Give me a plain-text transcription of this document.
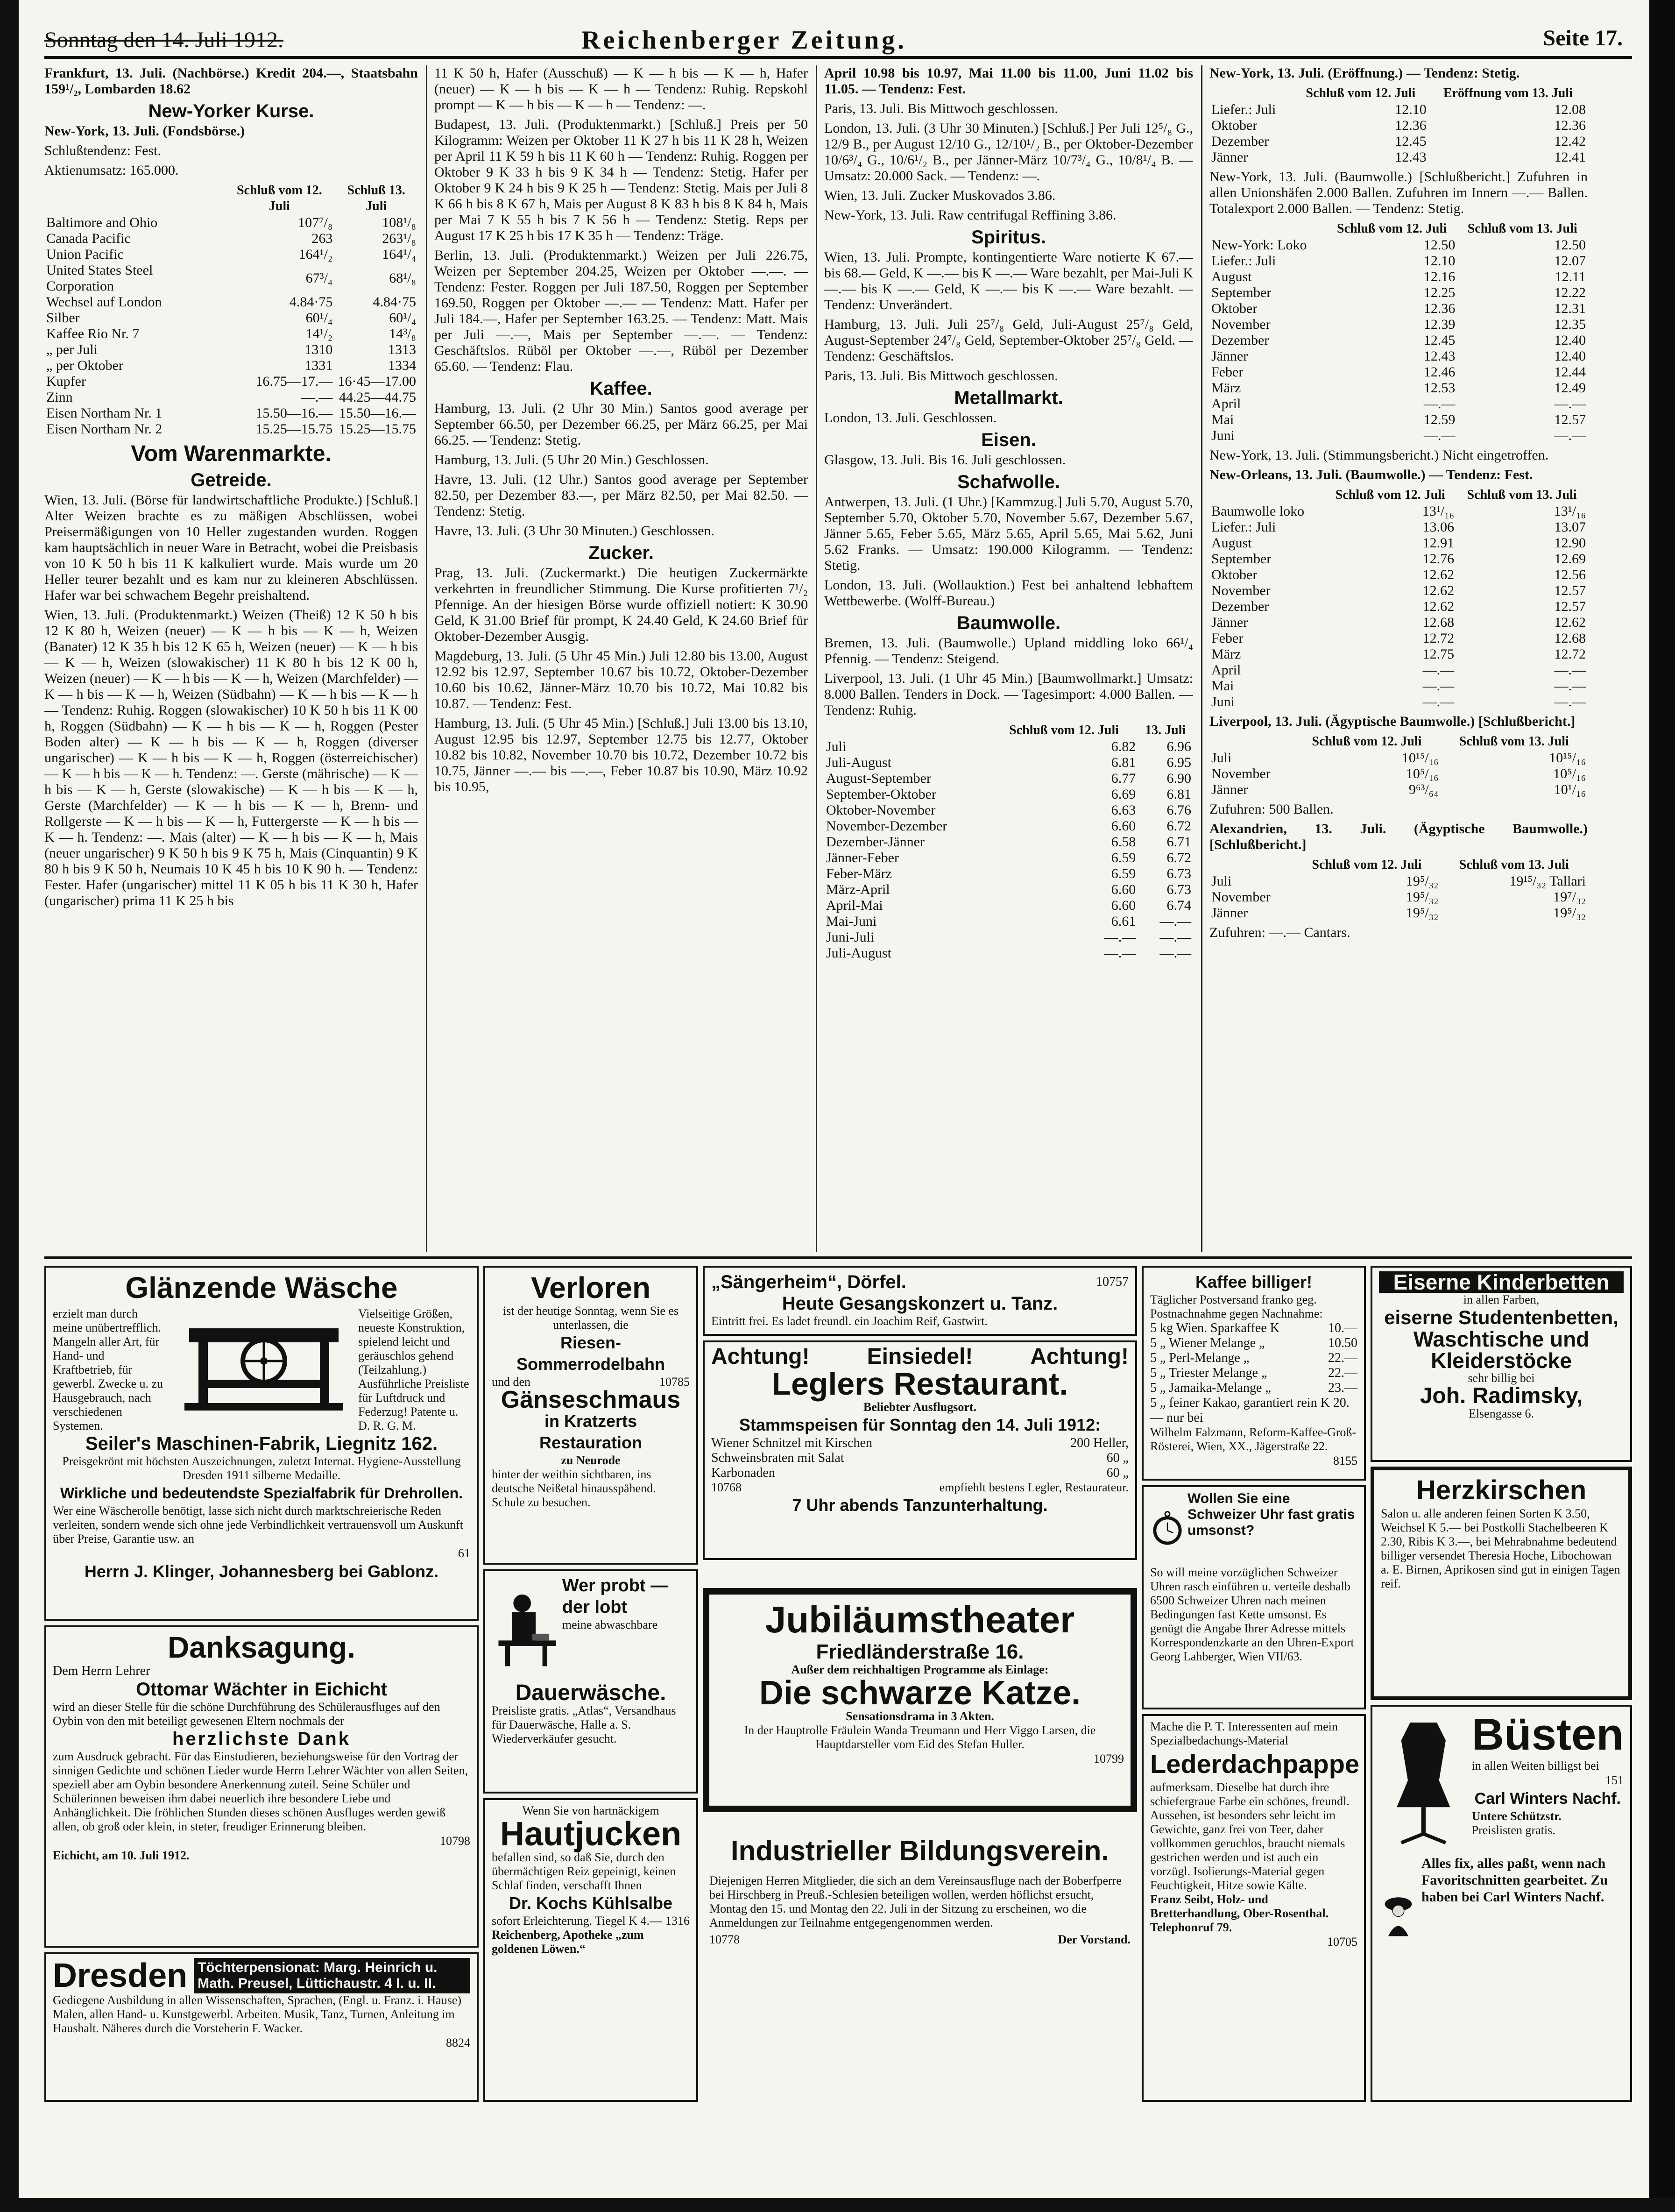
Sonntag den 14. Juli 1912.	Reichenberger Zeitung.	Seite 17.

Frankfurt, 13. Juli. (Nachbörse.) Kredit 204.—, Staatsbahn 159¹/₂, Lombarden 18.62

New-Yorker Kurse.

New-York, 13. Juli. (Fondsbörse.)

Schlußtendenz: Fest.

Aktienumsatz: 165.000.

	Schluß vom 12. Juli	Schluß 13. Juli
Baltimore and Ohio	107⁷/₈	108¹/₈
Canada Pacific	263	263¹/₈
Union Pacific	164¹/₂	164¹/₄
United States Steel Corporation	67³/₄	68¹/₈
Wechsel auf London	4.84·75	4.84·75
Silber	60¹/₄	60¹/₄
Kaffee Rio Nr. 7	14¹/₂	14³/₈
„ per Juli	1310	1313
„ per Oktober	1331	1334
Kupfer	16.75—17.—	16·45—17.00
Zinn	—.—	44.25—44.75
Eisen Northam Nr. 1	15.50—16.—	15.50—16.—
Eisen Northam Nr. 2	15.25—15.75	15.25—15.75
Vom Warenmarkte.
Getreide.

Wien, 13. Juli. (Börse für landwirtschaftliche Produkte.) [Schluß.] Alter Weizen brachte es zu mäßigen Abschlüssen, wobei Preisermäßigungen von 10 Heller zugestanden wurden. Roggen kam hauptsächlich in neuer Ware in Betracht, wobei die Preisbasis von 10 K 50 h bis 11 K kalkuliert wurde. Mais wurde um 20 Heller teurer bezahlt und es kam nur zu kleineren Abschlüssen. Hafer war bei schwachem Begehr preishaltend.

Wien, 13. Juli. (Produktenmarkt.) Weizen (Theiß) 12 K 50 h bis 12 K 80 h, Weizen (neuer) — K — h bis — K — h, Weizen (Banater) 12 K 35 h bis 12 K 65 h, Weizen (neuer) — K — h bis — K — h, Weizen (slowakischer) 11 K 80 h bis 12 K 00 h, Weizen (neuer) — K — h bis — K — h, Weizen (Marchfelder) — K — h bis — K — h, Weizen (Südbahn) — K — h bis — K — h — Tendenz: Ruhig. Roggen (slowakischer) 10 K 50 h bis 11 K 00 h, Roggen (Südbahn) — K — h bis — K — h, Roggen (Pester Boden alter) — K — h bis — K — h, Roggen (diverser ungarischer) — K — h bis — K — h, Roggen (österreichischer) — K — h bis — K — h. Tendenz: —. Gerste (mährische) — K — h bis — K — h, Gerste (slowakische) — K — h bis — K — h, Gerste (Marchfelder) — K — h bis — K — h, Brenn- und Rollgerste — K — h bis — K — h, Futtergerste — K — h bis — K — h. Tendenz: —. Mais (alter) — K — h bis — K — h, Mais (neuer ungarischer) 9 K 50 h bis 9 K 75 h, Mais (Cinquantin) 9 K 80 h bis 9 K 50 h, Neumais 10 K 45 h bis 10 K 90 h. — Tendenz: Fester. Hafer (ungarischer) mittel 11 K 05 h bis 11 K 30 h, Hafer (ungarischer) prima 11 K 25 h bis

11 K 50 h, Hafer (Ausschuß) — K — h bis — K — h, Hafer (neuer) — K — h bis — K — h — Tendenz: Ruhig. Repskohl prompt — K — h bis — K — h — Tendenz: —.

Budapest, 13. Juli. (Produktenmarkt.) [Schluß.] Preis per 50 Kilogramm: Weizen per Oktober 11 K 27 h bis 11 K 28 h, Weizen per April 11 K 59 h bis 11 K 60 h — Tendenz: Ruhig. Roggen per Oktober 9 K 33 h bis 9 K 34 h — Tendenz: Stetig. Hafer per Oktober 9 K 24 h bis 9 K 25 h — Tendenz: Stetig. Mais per Juli 8 K 66 h bis 8 K 67 h, Mais per August 8 K 83 h bis 8 K 84 h, Mais per Mai 7 K 55 h bis 7 K 56 h — Tendenz: Stetig. Reps per August 17 K 25 h bis 17 K 35 h — Tendenz: Träge.

Berlin, 13. Juli. (Produktenmarkt.) Weizen per Juli 226.75, Weizen per September 204.25, Weizen per Oktober —.—. — Tendenz: Fester. Roggen per Juli 187.50, Roggen per September 169.50, Roggen per Oktober —.— — Tendenz: Matt. Hafer per Juli 184.—, Hafer per September 163.25. — Tendenz: Matt. Mais per Juli —.—, Mais per September —.—. — Tendenz: Geschäftslos. Rüböl per Oktober —.—, Rüböl per Dezember 65.60. — Tendenz: Flau.

Kaffee.

Hamburg, 13. Juli. (2 Uhr 30 Min.) Santos good average per September 66.50, per Dezember 66.25, per März 66.25, per Mai 66.25. — Tendenz: Stetig.

Hamburg, 13. Juli. (5 Uhr 20 Min.) Geschlossen.

Havre, 13. Juli. (12 Uhr.) Santos good average per September 82.50, per Dezember 83.—, per März 82.50, per Mai 82.50. — Tendenz: Stetig.

Havre, 13. Juli. (3 Uhr 30 Minuten.) Geschlossen.

Zucker.

Prag, 13. Juli. (Zuckermarkt.) Die heutigen Zuckermärkte verkehrten in freundlicher Stimmung. Die Kurse profitierten 7¹/₂ Pfennige. An der hiesigen Börse wurde offiziell notiert: K 30.90 Geld, K 31.00 Brief für prompt, K 24.40 Geld, K 24.60 Brief für Oktober-Dezember Ausgig.

Magdeburg, 13. Juli. (5 Uhr 45 Min.) Juli 12.80 bis 13.00, August 12.92 bis 12.97, September 10.67 bis 10.72, Oktober-Dezember 10.60 bis 10.62, Jänner-März 10.70 bis 10.72, Mai 10.82 bis 10.87. — Tendenz: Fest.

Hamburg, 13. Juli. (5 Uhr 45 Min.) [Schluß.] Juli 13.00 bis 13.10, August 12.95 bis 12.97, September 12.75 bis 12.77, Oktober 10.82 bis 10.82, November 10.70 bis 10.72, Dezember 10.72 bis 10.75, Jänner —.— bis —.—, Feber 10.87 bis 10.90, März 10.92 bis 10.95,

April 10.98 bis 10.97, Mai 11.00 bis 11.00, Juni 11.02 bis 11.05. — Tendenz: Fest.

Paris, 13. Juli. Bis Mittwoch geschlossen.

London, 13. Juli. (3 Uhr 30 Minuten.) [Schluß.] Per Juli 12⁵/₈ G., 12/9 B., per August 12/10 G., 12/10¹/₂ B., per Oktober-Dezember 10/6³/₄ G., 10/6¹/₂ B., per Jänner-März 10/7³/₄ G., 10/8¹/₄ B. — Umsatz: 20.000 Sack. — Tendenz: —.

Wien, 13. Juli. Zucker Muskovados 3.86.

New-York, 13. Juli. Raw centrifugal Reffining 3.86.

Spiritus.

Wien, 13. Juli. Prompte, kontingentierte Ware notierte K 67.— bis 68.— Geld, K —.— bis K —.— Ware bezahlt, per Mai-Juli K —.— bis K —.— Geld, K —.— bis K —.— Ware bezahlt. — Tendenz: Unverändert.

Hamburg, 13. Juli. Juli 25⁷/₈ Geld, Juli-August 25⁷/₈ Geld, August-September 24⁷/₈ Geld, September-Oktober 25⁷/₈ Geld. — Tendenz: Geschäftslos.

Paris, 13. Juli. Bis Mittwoch geschlossen.

Metallmarkt.

London, 13. Juli. Geschlossen.

Eisen.

Glasgow, 13. Juli. Bis 16. Juli geschlossen.

Schafwolle.

Antwerpen, 13. Juli. (1 Uhr.) [Kammzug.] Juli 5.70, August 5.70, September 5.70, Oktober 5.70, November 5.67, Dezember 5.67, Jänner 5.65, Feber 5.65, März 5.65, April 5.65, Mai 5.62, Juni 5.62 Franks. — Umsatz: 190.000 Kilogramm. — Tendenz: Stetig.

London, 13. Juli. (Wollauktion.) Fest bei anhaltend lebhaftem Wettbewerbe. (Wolff-Bureau.)

Baumwolle.

Bremen, 13. Juli. (Baumwolle.) Upland middling loko 66¹/₄ Pfennig. — Tendenz: Steigend.

Liverpool, 13. Juli. (1 Uhr 45 Min.) [Baumwollmarkt.] Umsatz: 8.000 Ballen. Tenders in Dock. — Tagesimport: 4.000 Ballen. — Tendenz: Ruhig.

	Schluß vom 12. Juli	13. Juli
Juli	6.82	6.96
Juli-August	6.81	6.95
August-September	6.77	6.90
September-Oktober	6.69	6.81
Oktober-November	6.63	6.76
November-Dezember	6.60	6.72
Dezember-Jänner	6.58	6.71
Jänner-Feber	6.59	6.72
Feber-März	6.59	6.73
März-April	6.60	6.73
April-Mai	6.60	6.74
Mai-Juni	6.61	—.—
Juni-Juli	—.—	—.—
Juli-August	—.—	—.—

New-York, 13. Juli. (Eröffnung.) — Tendenz: Stetig.

	Schluß vom 12. Juli	Eröffnung vom 13. Juli
Liefer.: Juli	12.10	12.08
Oktober	12.36	12.36
Dezember	12.45	12.42
Jänner	12.43	12.41

New-York, 13. Juli. (Baumwolle.) [Schlußbericht.] Zufuhren in allen Unionshäfen 2.000 Ballen. Zufuhren im Innern —.— Ballen. Totalexport 2.000 Ballen. — Tendenz: Stetig.

	Schluß vom 12. Juli	Schluß vom 13. Juli
New-York: Loko	12.50	12.50
Liefer.: Juli	12.10	12.07
August	12.16	12.11
September	12.25	12.22
Oktober	12.36	12.31
November	12.39	12.35
Dezember	12.45	12.40
Jänner	12.43	12.40
Feber	12.46	12.44
März	12.53	12.49
April	—.—	—.—
Mai	12.59	12.57
Juni	—.—	—.—

New-York, 13. Juli. (Stimmungsbericht.) Nicht eingetroffen.

New-Orleans, 13. Juli. (Baumwolle.) — Tendenz: Fest.

	Schluß vom 12. Juli	Schluß vom 13. Juli
Baumwolle loko	13¹/₁₆	13¹/₁₆
Liefer.: Juli	13.06	13.07
August	12.91	12.90
September	12.76	12.69
Oktober	12.62	12.56
November	12.62	12.57
Dezember	12.62	12.57
Jänner	12.68	12.62
Feber	12.72	12.68
März	12.75	12.72
April	—.—	—.—
Mai	—.—	—.—
Juni	—.—	—.—

Liverpool, 13. Juli. (Ägyptische Baumwolle.) [Schlußbericht.]

	Schluß vom 12. Juli	Schluß vom 13. Juli
Juli	10¹⁵/₁₆	10¹⁵/₁₆
November	10⁵/₁₆	10⁵/₁₆
Jänner	9⁶³/₆₄	10¹/₁₆

Zufuhren: 500 Ballen.

Alexandrien, 13. Juli. (Ägyptische Baumwolle.) [Schlußbericht.]

	Schluß vom 12. Juli	Schluß vom 13. Juli
Juli	19⁵/₃₂	19¹⁵/₃₂ Tallari
November	19⁵/₃₂	19⁷/₃₂
Jänner	19⁵/₃₂	19⁵/₃₂

Zufuhren: —.— Cantars.

Glänzende Wäsche
erzielt man durch meine unübertrefflich. Mangeln aller Art, für Hand- und Kraftbetrieb, für gewerbl. Zwecke u. zu Hausgebrauch, nach verschiedenen Systemen.
Vielseitige Größen, neueste Konstruktion, spielend leicht und geräuschlos gehend (Teilzahlung.) Ausführliche Preisliste für Luftdruck und Federzug! Patente u. D. R. G. M.
Seiler's Maschinen-Fabrik, Liegnitz 162.
Preisgekrönt mit höchsten Auszeichnungen, zuletzt Internat. Hygiene-Ausstellung Dresden 1911 silberne Medaille.
Wirkliche und bedeutendste Spezialfabrik für Drehrollen.
Wer eine Wäscherolle benötigt, lasse sich nicht durch marktschreierische Reden verleiten, sondern wende sich ohne jede Verbindlichkeit vertrauensvoll um Auskunft über Preise, Garantie usw. an
61
Herrn J. Klinger, Johannesberg bei Gablonz.
Danksagung.
Dem Herrn Lehrer
Ottomar Wächter in Eichicht
wird an dieser Stelle für die schöne Durchführung des Schülerausfluges auf den Oybin von den mit beteiligt gewesenen Eltern nochmals der
herzlichste Dank
zum Ausdruck gebracht. Für das Einstudieren, beziehungsweise für den Vortrag der sinnigen Gedichte und schönen Lieder wurde Herrn Lehrer Wächter von allen Seiten, speziell aber am Oybin besondere Anerkennung zuteil. Seine Schüler und Schülerinnen beweisen ihm dabei neuerlich ihre besondere Liebe und Anhänglichkeit. Die fröhlichen Stunden dieses schönen Ausfluges werden gewiß allen, ob groß oder klein, in steter, freudiger Erinnerung bleiben.
10798
Eichicht, am 10. Juli 1912.
Dresden Töchterpensionat: Marg. Heinrich u. Math. Preusel, Lüttichaustr. 4 I. u. II.
Gediegene Ausbildung in allen Wissenschaften, Sprachen, (Engl. u. Franz. i. Hause) Malen, allen Hand- u. Kunstgewerbl. Arbeiten. Musik, Tanz, Turnen, Anleitung im Haushalt. Näheres durch die Vorsteherin F. Wacker.
8824
Verloren
ist der heutige Sonntag, wenn Sie es unterlassen, die
Riesen-Sommerrodelbahn
und den	10785
Gänseschmaus
in Kratzerts Restauration
zu Neurode
hinter der weithin sichtbaren, ins deutsche Neißetal hinausspähend. Schule zu besuchen.
Wer probt — der lobt
meine abwaschbare
Dauerwäsche.
Preisliste gratis. „Atlas“, Versandhaus für Dauerwäsche, Halle a. S. Wiederverkäufer gesucht.
Wenn Sie von hartnäckigem
Hautjucken
befallen sind, so daß Sie, durch den übermächtigen Reiz gepeinigt, keinen Schlaf finden, verschafft Ihnen
Dr. Kochs Kühlsalbe
sofort Erleichterung. Tiegel K 4.— 1316
Reichenberg, Apotheke „zum goldenen Löwen.“
„Sängerheim“, Dörfel.	10757
Heute Gesangskonzert u. Tanz.
Eintritt frei. Es ladet freundl. ein Joachim Reif, Gastwirt.
Achtung!	Einsiedel!	Achtung!
Leglers Restaurant.
Beliebter Ausflugsort.
Stammspeisen für Sonntag den 14. Juli 1912:
Wiener Schnitzel mit Kirschen	200 Heller,
Schweinsbraten mit Salat	60 „
Karbonaden	60 „
10768	empfiehlt bestens Legler, Restaurateur.
7 Uhr abends Tanzunterhaltung.
Jubiläumstheater
Friedländerstraße 16.
Außer dem reichhaltigen Programme als Einlage:
Die schwarze Katze.
Sensationsdrama in 3 Akten.
In der Hauptrolle Fräulein Wanda Treumann und Herr Viggo Larsen, die Hauptdarsteller vom Eid des Stefan Huller.
10799
Industrieller Bildungsverein.
Diejenigen Herren Mitglieder, die sich an dem Vereinsausfluge nach der Boberfperre bei Hirschberg in Preuß.-Schlesien beteiligen wollen, werden höflichst ersucht, Montag den 15. und Montag den 22. Juli in der Sitzung zu erscheinen, wo die Anmeldungen zur Teilnahme entgegengenommen werden.
10778	Der Vorstand.
Kaffee billiger!
Täglicher Postversand franko geg. Postnachnahme gegen Nachnahme:
5 kg Wien. Sparkaffee K	10.—
5 „ Wiener Melange „	10.50
5 „ Perl-Melange „	22.—
5 „ Triester Melange „	22.—
5 „ Jamaika-Melange „	23.—
5 „ feiner Kakao, garantiert rein K 20.— nur bei
Wilhelm Falzmann, Reform-Kaffee-Groß-Rösterei, Wien, XX., Jägerstraße 22.
8155
Wollen Sie eine Schweizer Uhr fast gratis umsonst?
So will meine vorzüglichen Schweizer Uhren rasch einführen u. verteile deshalb 6500 Schweizer Uhren nach meinen Bedingungen fast Kette umsonst. Es genügt die Angabe Ihrer Adresse mittels Korrespondenzkarte an den Uhren-Export Georg Lahberger, Wien VII/63.
Mache die P. T. Interessenten auf mein Spezialbedachungs-Material
Lederdachpappe
aufmerksam. Dieselbe hat durch ihre schiefergraue Farbe ein schönes, freundl. Aussehen, ist besonders sehr leicht im Gewichte, ganz frei von Teer, daher vollkommen geruchlos, braucht niemals gestrichen werden und ist auch ein vorzügl. Isolierungs-Material gegen Feuchtigkeit, Hitze sowie Kälte.
Franz Seibt, Holz- und Bretterhandlung, Ober-Rosenthal. Telephonruf 79.
10705
Eiserne Kinderbetten
in allen Farben,
eiserne Studentenbetten,
Waschtische und Kleiderstöcke
sehr billig bei
Joh. Radimsky,
Elsengasse 6.
Herzkirschen
Salon u. alle anderen feinen Sorten K 3.50, Weichsel K 5.— bei Postkolli Stachelbeeren K 2.30, Ribis K 3.—, bei Mehrabnahme bedeutend billiger versendet Theresia Hoche, Libochowan a. E. Birnen, Aprikosen sind gut in einigen Tagen reif.
Büsten
in allen Weiten billigst bei
151
Carl Winters Nachf.
Untere Schützstr.
Preislisten gratis.
Alles fix, alles paßt, wenn nach Favoritschnitten gearbeitet. Zu haben bei Carl Winters Nachf.
